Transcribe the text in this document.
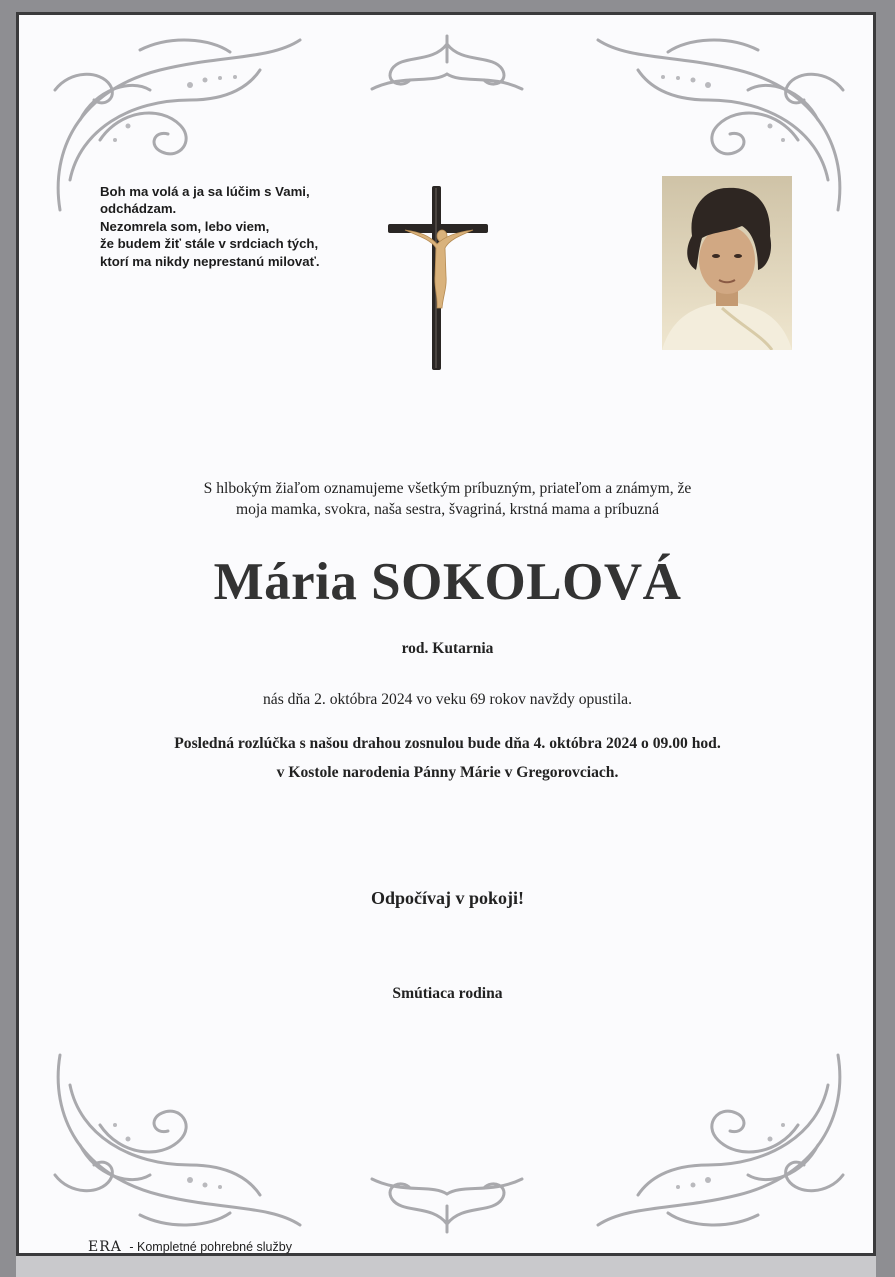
Boh ma volá a ja sa lúčim s Vami,
odchádzam.
Nezomrela som, lebo viem,
že budem žiť stále v srdciach tých,
ktorí ma nikdy neprestanú milovať.

S hlbokým žiaľom oznamujeme všetkým príbuzným, priateľom a známym, že
moja mamka, svokra, naša sestra, švagriná, krstná mama a príbuzná
Mária SOKOLOVÁ
rod. Kutarnia
nás dňa 2. októbra 2024 vo veku 69 rokov navždy opustila.
Posledná rozlúčka s našou drahou zosnulou bude dňa 4. októbra 2024 o 09.00 hod.
v Kostole narodenia Pánny Márie v Gregorovciach.
Odpočívaj v pokoji!
Smútiaca rodina
ERA - Kompletné pohrebné služby
